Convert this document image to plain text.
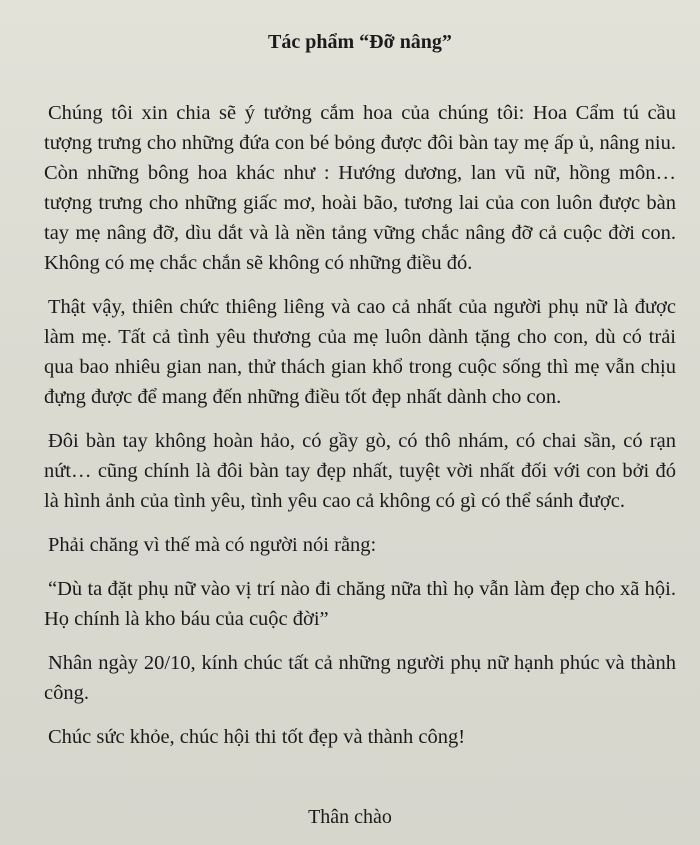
Tác phẩm “Đỡ nâng”

Chúng tôi xin chia sẽ ý tưởng cắm hoa của chúng tôi: Hoa Cẩm tú cầu tượng trưng cho những đứa con bé bỏng được đôi bàn tay mẹ ấp ủ, nâng niu. Còn những bông hoa khác như : Hướng dương, lan vũ nữ, hồng môn… tượng trưng cho những giấc mơ, hoài bão, tương lai của con luôn được bàn tay mẹ nâng đỡ, dìu dắt và là nền tảng vững chắc nâng đỡ cả cuộc đời con. Không có mẹ chắc chắn sẽ không có những điều đó.

Thật vậy, thiên chức thiêng liêng và cao cả nhất của người phụ nữ là được làm mẹ. Tất cả tình yêu thương của mẹ luôn dành tặng cho con, dù có trải qua bao nhiêu gian nan, thử thách gian khổ trong cuộc sống thì mẹ vẫn chịu đựng được để mang đến những điều tốt đẹp nhất dành cho con.

Đôi bàn tay không hoàn hảo, có gầy gò, có thô nhám, có chai sần, có rạn nứt… cũng chính là đôi bàn tay đẹp nhất, tuyệt vời nhất đối với con bởi đó là hình ảnh của tình yêu, tình yêu cao cả không có gì có thể sánh được.

Phải chăng vì thế mà có người nói rằng:

“Dù ta đặt phụ nữ vào vị trí nào đi chăng nữa thì họ vẫn làm đẹp cho xã hội. Họ chính là kho báu của cuộc đời”

Nhân ngày 20/10, kính chúc tất cả những người phụ nữ hạnh phúc và thành công.

Chúc sức khỏe, chúc hội thi tốt đẹp và thành công!

Thân chào
